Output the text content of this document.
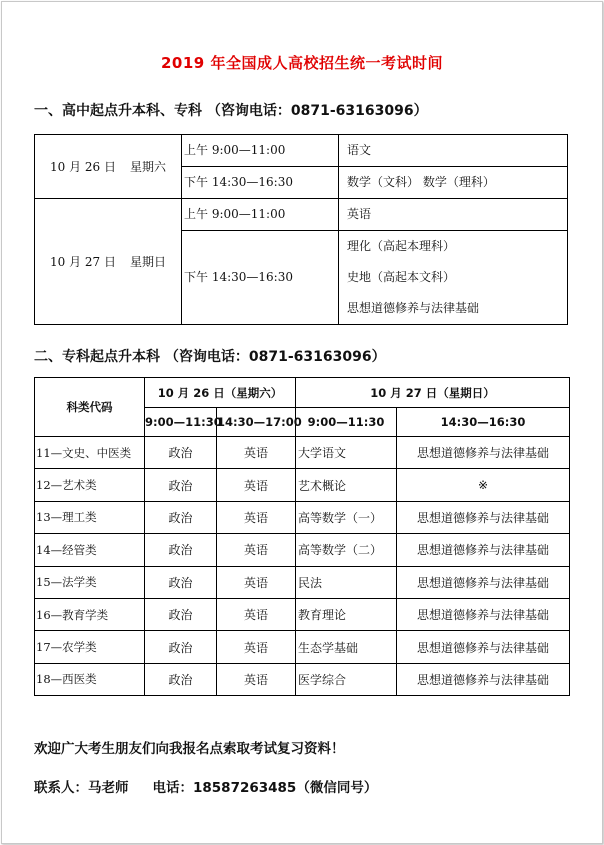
2019 年全国成人高校招生统一考试时间
一、高中起点升本科、专科 （咨询电话：0871-63163096）
10 月 26 日 星期六	上午 9:00—11:00	语文

	下午 14:30—16:30	数学（文科） 数学（理科）

10 月 27 日 星期日	上午 9:00—11:00	英语

	下午 14:30—16:30	理化（高起本理科）
史地（高起本文科）
思想道德修养与法律基础
二、专科起点升本科 （咨询电话：0871-63163096）
科类代码	10 月 26 日（星期六）		10 月 27 日（星期日）	
	9:00—11:30	14:30—17:00	9:00—11:30	14:30—16:30
11—文史、中医类	政治	英语	大学语文	思想道德修养与法律基础
12—艺术类	政治	英语	艺术概论	※
13—理工类	政治	英语	高等数学（一）	思想道德修养与法律基础
14—经管类	政治	英语	高等数学（二）	思想道德修养与法律基础
15—法学类	政治	英语	民法	思想道德修养与法律基础
16—教育学类	政治	英语	教育理论	思想道德修养与法律基础
17—农学类	政治	英语	生态学基础	思想道德修养与法律基础
18—西医类	政治	英语	医学综合	思想道德修养与法律基础
欢迎广大考生朋友们向我报名点索取考试复习资料！
联系人：马老师 电话：18587263485（微信同号）
